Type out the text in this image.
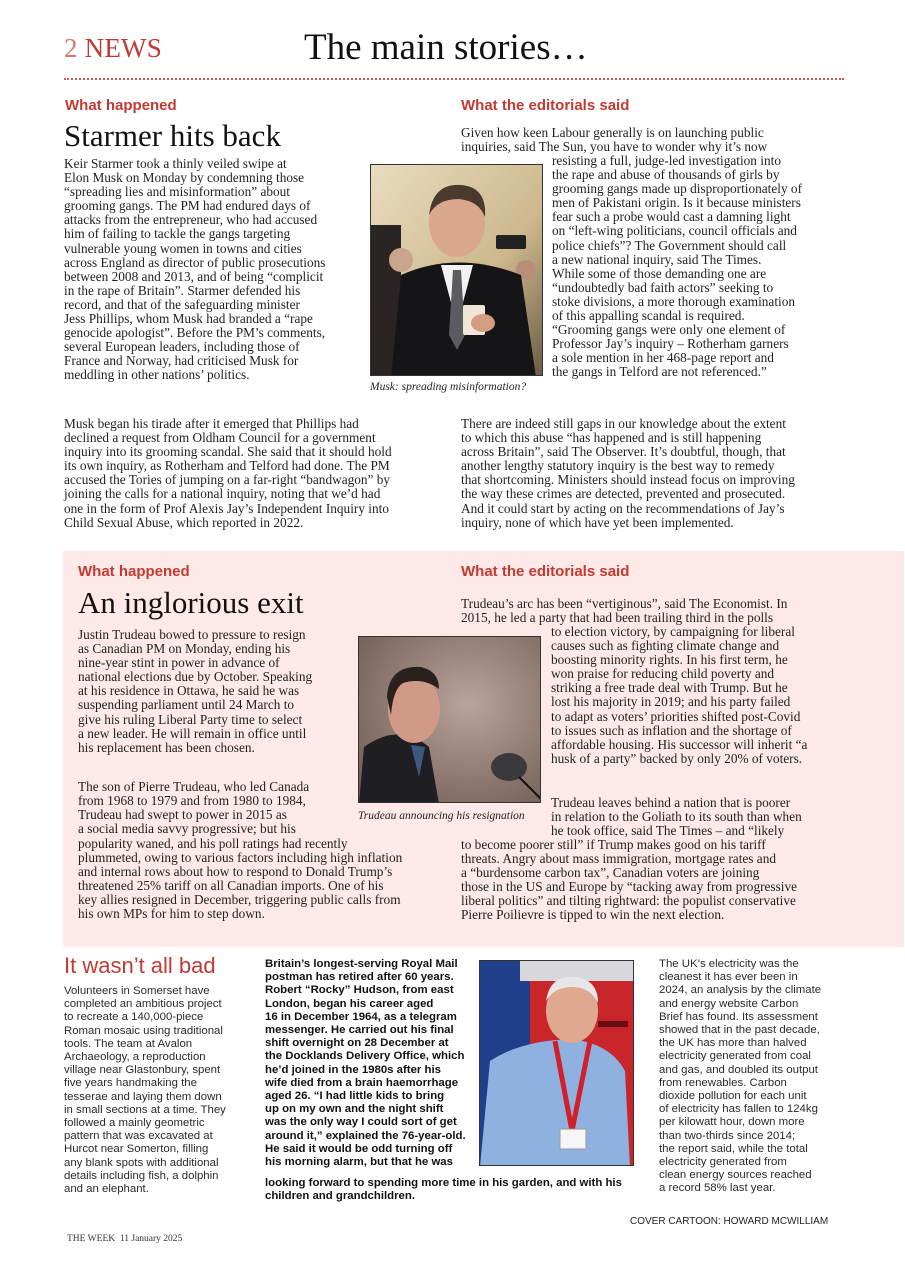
2 NEWS	The main stories…
What happened
Starmer hits back
Keir Starmer took a thinly veiled swipe at
Elon Musk on Monday by condemning those
“spreading lies and misinformation” about
grooming gangs. The PM had endured days of
attacks from the entrepreneur, who had accused
him of failing to tackle the gangs targeting
vulnerable young women in towns and cities
across England as director of public prosecutions
between 2008 and 2013, and of being “complicit
in the rape of Britain”. Starmer defended his
record, and that of the safeguarding minister
Jess Phillips, whom Musk had branded a “rape
genocide apologist”. Before the PM’s comments,
several European leaders, including those of
France and Norway, had criticised Musk for
meddling in other nations’ politics.
Musk began his tirade after it emerged that Phillips had
declined a request from Oldham Council for a government
inquiry into its grooming scandal. She said that it should hold
its own inquiry, as Rotherham and Telford had done. The PM
accused the Tories of jumping on a far-right “bandwagon” by
joining the calls for a national inquiry, noting that we’d had
one in the form of Prof Alexis Jay’s Independent Inquiry into
Child Sexual Abuse, which reported in 2022.
Musk: spreading misinformation?
What the editorials said
Given how keen Labour generally is on launching public
inquiries, said The Sun, you have to wonder why it’s now
resisting a full, judge-led investigation into
the rape and abuse of thousands of girls by
grooming gangs made up disproportionately of
men of Pakistani origin. Is it because ministers
fear such a probe would cast a damning light
on “left-wing politicians, council officials and
police chiefs”? The Government should call
a new national inquiry, said The Times.
While some of those demanding one are
“undoubtedly bad faith actors” seeking to
stoke divisions, a more thorough examination
of this appalling scandal is required.
“Grooming gangs were only one element of
Professor Jay’s inquiry – Rotherham garners
a sole mention in her 468-page report and
the gangs in Telford are not referenced.”
There are indeed still gaps in our knowledge about the extent
to which this abuse “has happened and is still happening
across Britain”, said The Observer. It’s doubtful, though, that
another lengthy statutory inquiry is the best way to remedy
that shortcoming. Ministers should instead focus on improving
the way these crimes are detected, prevented and prosecuted.
And it could start by acting on the recommendations of Jay’s
inquiry, none of which have yet been implemented.
What happened
An inglorious exit
Justin Trudeau bowed to pressure to resign
as Canadian PM on Monday, ending his
nine-year stint in power in advance of
national elections due by October. Speaking
at his residence in Ottawa, he said he was
suspending parliament until 24 March to
give his ruling Liberal Party time to select
a new leader. He will remain in office until
his replacement has been chosen.
The son of Pierre Trudeau, who led Canada
from 1968 to 1979 and from 1980 to 1984,
Trudeau had swept to power in 2015 as
a social media savvy progressive; but his
popularity waned, and his poll ratings had recently
plummeted, owing to various factors including high inflation
and internal rows about how to respond to Donald Trump’s
threatened 25% tariff on all Canadian imports. One of his
key allies resigned in December, triggering public calls from
his own MPs for him to step down.
Trudeau announcing his resignation
What the editorials said
Trudeau’s arc has been “vertiginous”, said The Economist. In
2015, he led a party that had been trailing third in the polls
to election victory, by campaigning for liberal
causes such as fighting climate change and
boosting minority rights. In his first term, he
won praise for reducing child poverty and
striking a free trade deal with Trump. But he
lost his majority in 2019; and his party failed
to adapt as voters’ priorities shifted post-Covid
to issues such as inflation and the shortage of
affordable housing. His successor will inherit “a
husk of a party” backed by only 20% of voters.
Trudeau leaves behind a nation that is poorer
in relation to the Goliath to its south than when
he took office, said The Times – and “likely
to become poorer still” if Trump makes good on his tariff
threats. Angry about mass immigration, mortgage rates and
a “burdensome carbon tax”, Canadian voters are joining
those in the US and Europe by “tacking away from progressive
liberal politics” and tilting rightward: the populist conservative
Pierre Poilievre is tipped to win the next election.
It wasn’t all bad
Volunteers in Somerset have
completed an ambitious project
to recreate a 140,000-piece
Roman mosaic using traditional
tools. The team at Avalon
Archaeology, a reproduction
village near Glastonbury, spent
five years handmaking the
tesserae and laying them down
in small sections at a time. They
followed a mainly geometric
pattern that was excavated at
Hurcot near Somerton, filling
any blank spots with additional
details including fish, a dolphin
and an elephant.
Britain’s longest-serving Royal Mail
postman has retired after 60 years.
Robert “Rocky” Hudson, from east
London, began his career aged
16 in December 1964, as a telegram
messenger. He carried out his final
shift overnight on 28 December at
the Docklands Delivery Office, which
he’d joined in the 1980s after his
wife died from a brain haemorrhage
aged 26. “I had little kids to bring
up on my own and the night shift
was the only way I could sort of get
around it,” explained the 76-year-old.
He said it would be odd turning off
his morning alarm, but that he was
looking forward to spending more time in his garden, and with his
children and grandchildren.
The UK’s electricity was the
cleanest it has ever been in
2024, an analysis by the climate
and energy website Carbon
Brief has found. Its assessment
showed that in the past decade,
the UK has more than halved
electricity generated from coal
and gas, and doubled its output
from renewables. Carbon
dioxide pollution for each unit
of electricity has fallen to 124kg
per kilowatt hour, down more
than two-thirds since 2014;
the report said, while the total
electricity generated from
clean energy sources reached
a record 58% last year.
COVER CARTOON: HOWARD MCWILLIAM
THE WEEK 11 January 2025
